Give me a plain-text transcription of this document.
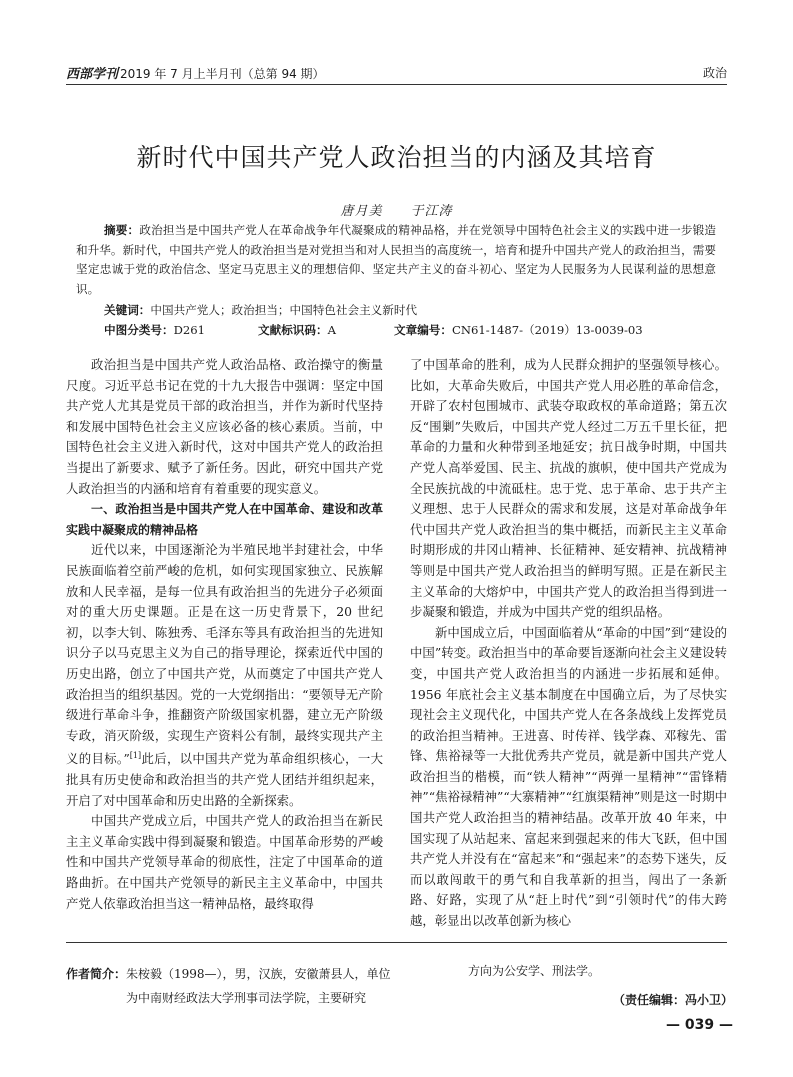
西部学刊 2019 年 7 月上半月刊（总第 94 期）	政治
新时代中国共产党人政治担当的内涵及其培育
唐月美　　于江涛
摘要：政治担当是中国共产党人在革命战争年代凝聚成的精神品格，并在党领导中国特色社会主义的实践中进一步锻造和升华。新时代，中国共产党人的政治担当是对党担当和对人民担当的高度统一，培育和提升中国共产党人的政治担当，需要坚定忠诚于党的政治信念、坚定马克思主义的理想信仰、坚定共产主义的奋斗初心、坚定为人民服务为人民谋利益的思想意识。
关键词：中国共产党人；政治担当；中国特色社会主义新时代
中图分类号：D261	文献标识码：A	文章编号：CN61-1487-（2019）13-0039-03

政治担当是中国共产党人政治品格、政治操守的衡量尺度。习近平总书记在党的十九大报告中强调：坚定中国共产党人尤其是党员干部的政治担当，并作为新时代坚持和发展中国特色社会主义应该必备的核心素质。当前，中国特色社会主义进入新时代，这对中国共产党人的政治担当提出了新要求、赋予了新任务。因此，研究中国共产党人政治担当的内涵和培育有着重要的现实意义。

一、政治担当是中国共产党人在中国革命、建设和改革实践中凝聚成的精神品格

近代以来，中国逐渐沦为半殖民地半封建社会，中华民族面临着空前严峻的危机，如何实现国家独立、民族解放和人民幸福，是每一位具有政治担当的先进分子必须面对的重大历史课题。正是在这一历史背景下，20 世纪初，以李大钊、陈独秀、毛泽东等具有政治担当的先进知识分子以马克思主义为自己的指导理论，探索近代中国的历史出路，创立了中国共产党，从而奠定了中国共产党人政治担当的组织基因。党的一大党纲指出：“要领导无产阶级进行革命斗争，推翻资产阶级国家机器，建立无产阶级专政，消灭阶级，实现生产资料公有制，最终实现共产主义的目标。”[1]此后，以中国共产党为革命组织核心，一大批具有历史使命和政治担当的共产党人团结并组织起来，开启了对中国革命和历史出路的全新探索。

中国共产党成立后，中国共产党人的政治担当在新民主主义革命实践中得到凝聚和锻造。中国革命形势的严峻性和中国共产党领导革命的彻底性，注定了中国革命的道路曲折。在中国共产党领导的新民主主义革命中，中国共产党人依靠政治担当这一精神品格，最终取得

了中国革命的胜利，成为人民群众拥护的坚强领导核心。比如，大革命失败后，中国共产党人用必胜的革命信念，开辟了农村包围城市、武装夺取政权的革命道路；第五次反“围剿”失败后，中国共产党人经过二万五千里长征，把革命的力量和火种带到圣地延安；抗日战争时期，中国共产党人高举爱国、民主、抗战的旗帜，使中国共产党成为全民族抗战的中流砥柱。忠于党、忠于革命、忠于共产主义理想、忠于人民群众的需求和发展，这是对革命战争年代中国共产党人政治担当的集中概括，而新民主主义革命时期形成的井冈山精神、长征精神、延安精神、抗战精神等则是中国共产党人政治担当的鲜明写照。正是在新民主主义革命的大熔炉中，中国共产党人的政治担当得到进一步凝聚和锻造，并成为中国共产党的组织品格。

新中国成立后，中国面临着从“革命的中国”到“建设的中国”转变。政治担当中的革命要旨逐渐向社会主义建设转变，中国共产党人政治担当的内涵进一步拓展和延伸。1956 年底社会主义基本制度在中国确立后，为了尽快实现社会主义现代化，中国共产党人在各条战线上发挥党员的政治担当精神。王进喜、时传祥、钱学森、邓稼先、雷锋、焦裕禄等一大批优秀共产党员，就是新中国共产党人政治担当的楷模，而“铁人精神”“两弹一星精神”“雷锋精神”“焦裕禄精神”“大寨精神”“红旗渠精神”则是这一时期中国共产党人政治担当的精神结晶。改革开放 40 年来，中国实现了从站起来、富起来到强起来的伟大飞跃，但中国共产党人并没有在“富起来”和“强起来”的态势下迷失，反而以敢闯敢干的勇气和自我革新的担当，闯出了一条新路、好路，实现了从“赶上时代”到“引领时代”的伟大跨越，彰显出以改革创新为核心

作者简介：朱桉毅（1998—），男，汉族，安徽萧县人，单位
为中南财经政法大学刑事司法学院，主要研究
方向为公安学、刑法学。
（责任编辑：冯小卫）
— 039 —
